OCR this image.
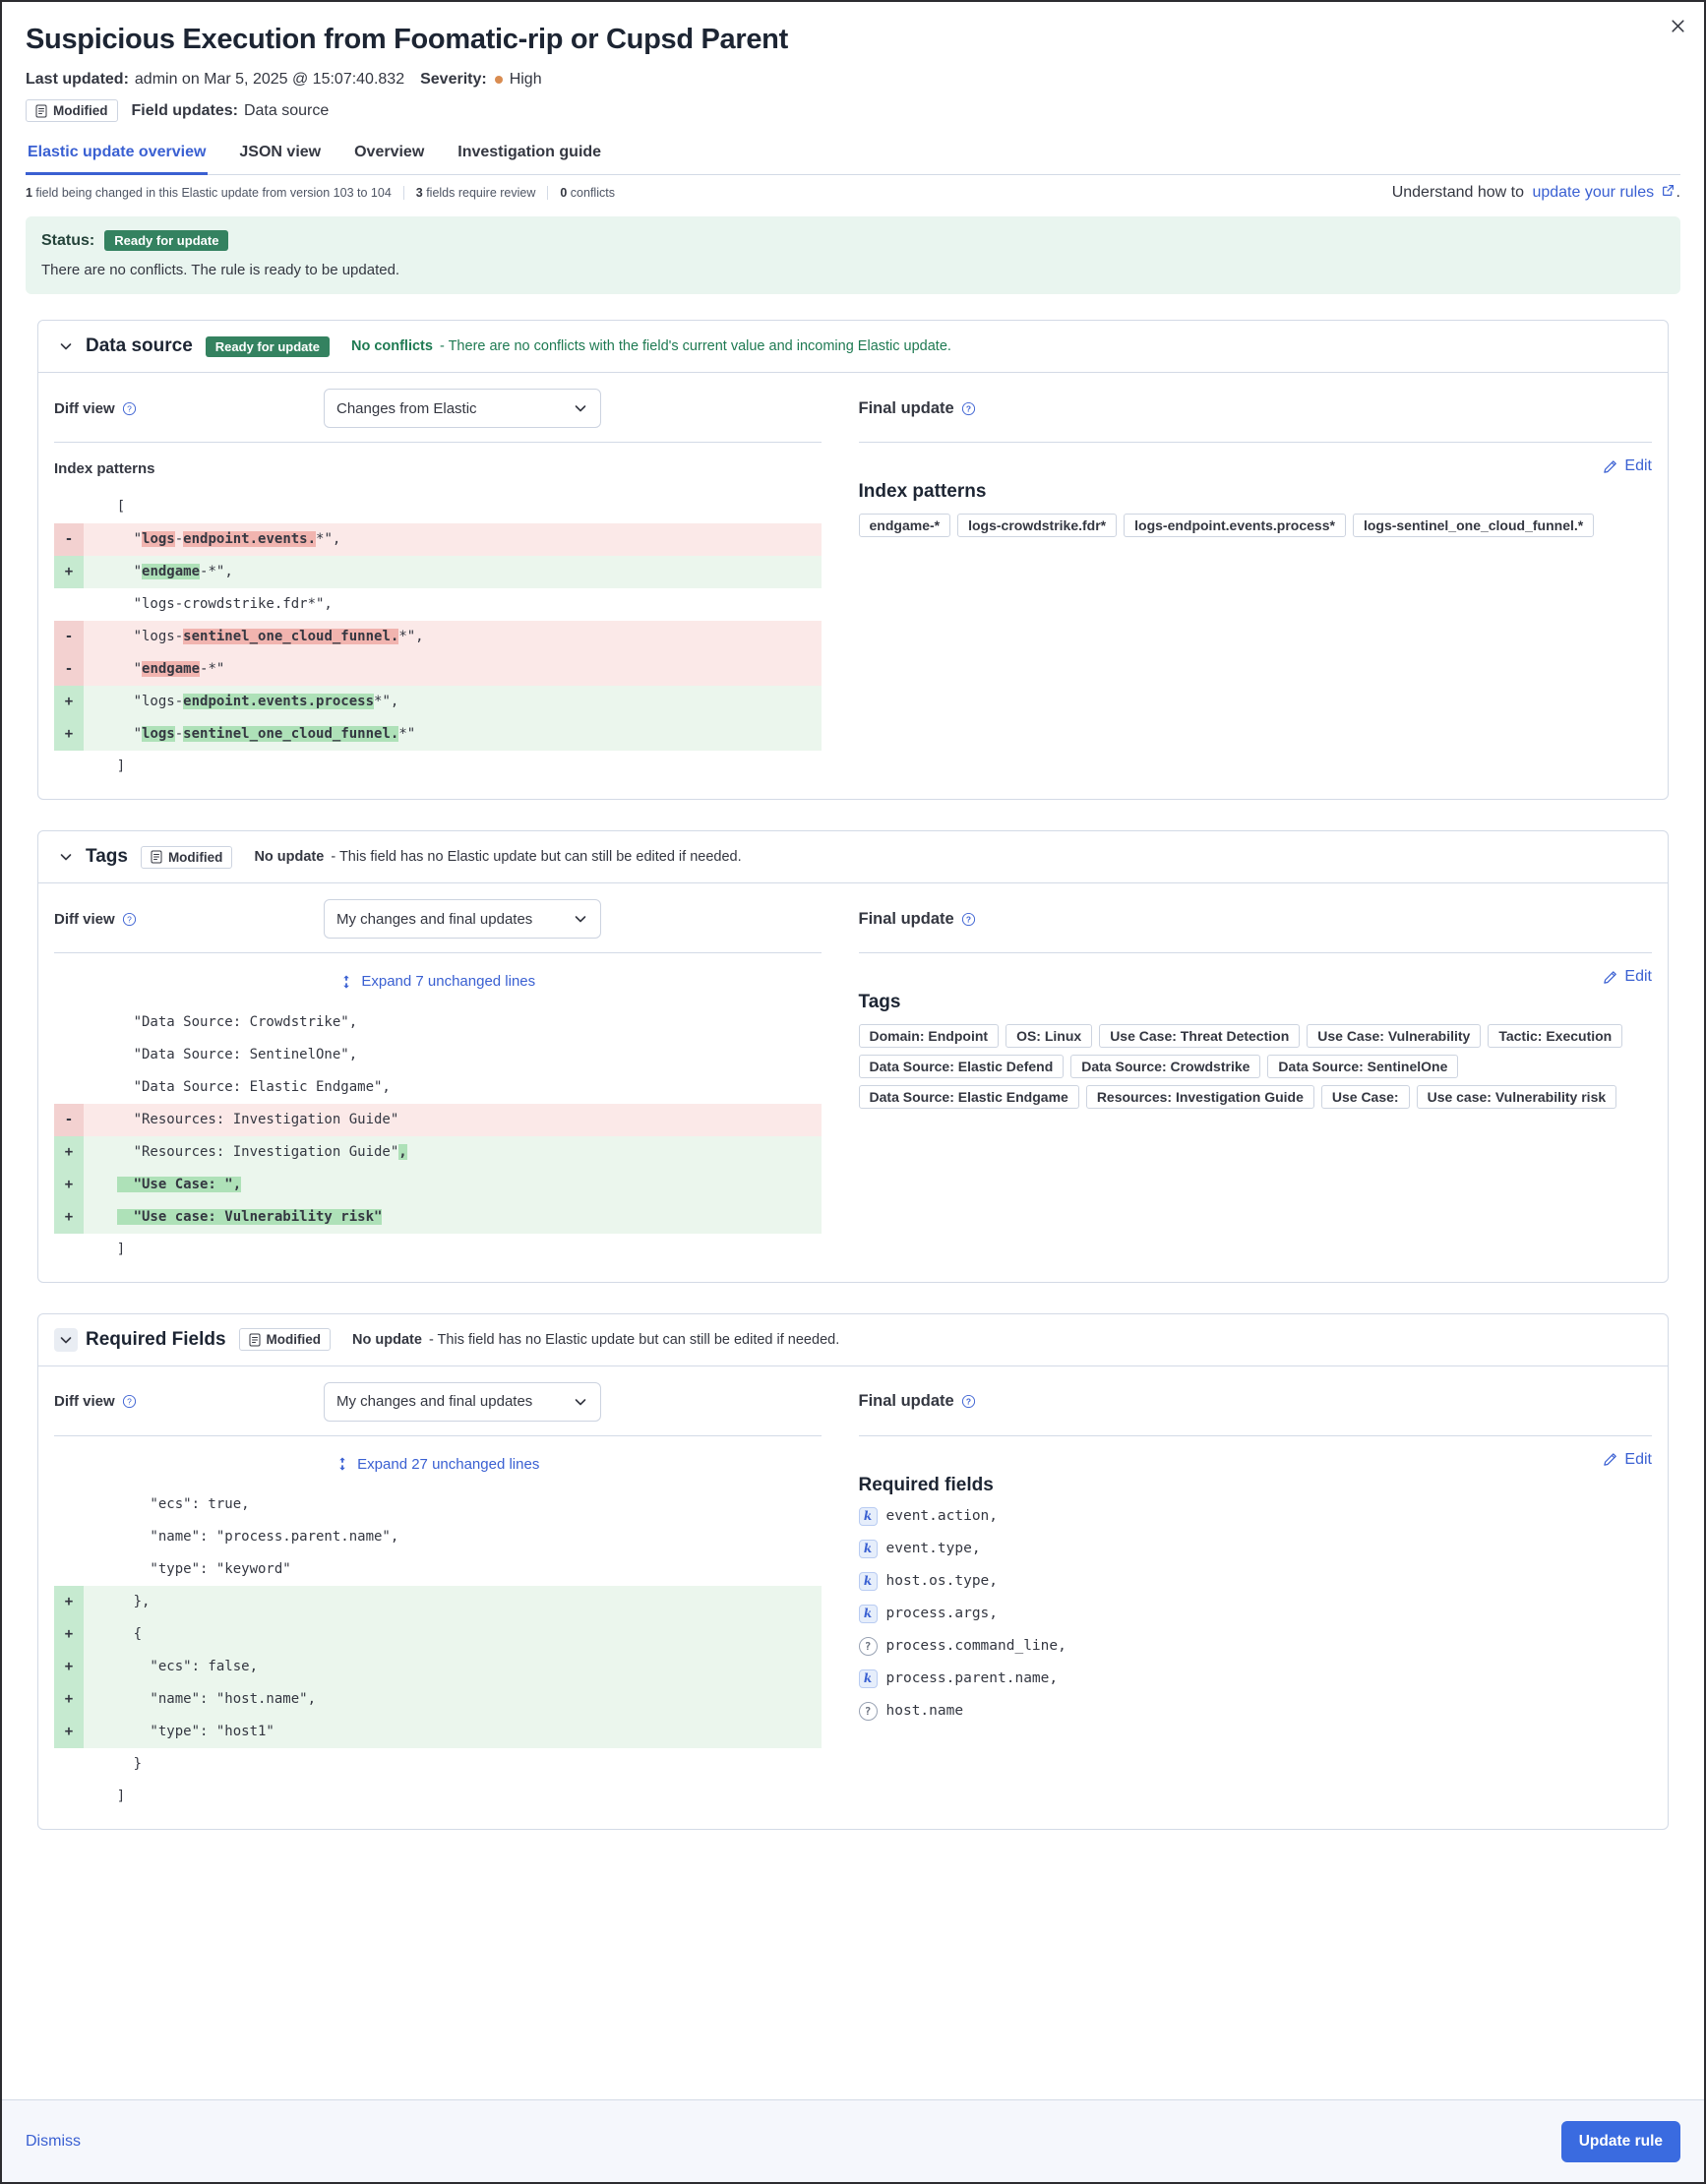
Suspicious Execution from Foomatic-rip or Cupsd Parent
Last updated: admin on Mar 5, 2025 @ 15:07:40.832 Severity: High
Modified Field updates: Data source
Elastic update overview JSON view Overview Investigation guide
1 field being changed in this Elastic update from version 103 to 104	3 fields require review	0 conflicts	Understand how to
update your rules	.
Status:	Ready for update
There are no conflicts. The rule is ready to be updated.
Data source	Ready for update	No conflicts - There are no conflicts with the field's current value and incoming Elastic update.
Diff view ?	Changes from Elastic
Index patterns
[
- "logs-endpoint.events.*",
+ "endgame-*",
"logs-crowdstrike.fdr*",
- "logs-sentinel_one_cloud_funnel.*",
- "endgame-*"
+ "logs-endpoint.events.process*",
+ "logs-sentinel_one_cloud_funnel.*"
]
Final update ?
Edit
Index patterns
endgame-*	logs-crowdstrike.fdr*	logs-endpoint.events.process*	logs-sentinel_one_cloud_funnel.*
Tags	Modified No update - This field has no Elastic update but can still be edited if needed.
Diff view ?	My changes and final updates
Expand 7 unchanged lines
"Data Source: Crowdstrike",
"Data Source: SentinelOne",
"Data Source: Elastic Endgame",
- "Resources: Investigation Guide"
+ "Resources: Investigation Guide",
+	"Use Case: ",
+	"Use case: Vulnerability risk"
]
Final update ?
Edit
Tags
Domain: Endpoint	OS: Linux	Use Case: Threat Detection	Use Case: Vulnerability	Tactic: Execution
Data Source: Elastic Defend	Data Source: Crowdstrike	Data Source: SentinelOne
Data Source: Elastic Endgame	Resources: Investigation Guide	Use Case:	Use case: Vulnerability risk
Required Fields	Modified No update - This field has no Elastic update but can still be edited if needed.
Diff view ?	My changes and final updates
Expand 27 unchanged lines
"ecs": true,
"name": "process.parent.name",
"type": "keyword"
+ },
+ {
+ "ecs": false,
+ "name": "host.name",
+ "type": "host1"
}
]
Final update ?
Edit
Required fields
k event.action,
k event.type,
k host.os.type,
k process.args,
?	process.command_line,
k process.parent.name,
?	host.name
Dismiss	Update rule
